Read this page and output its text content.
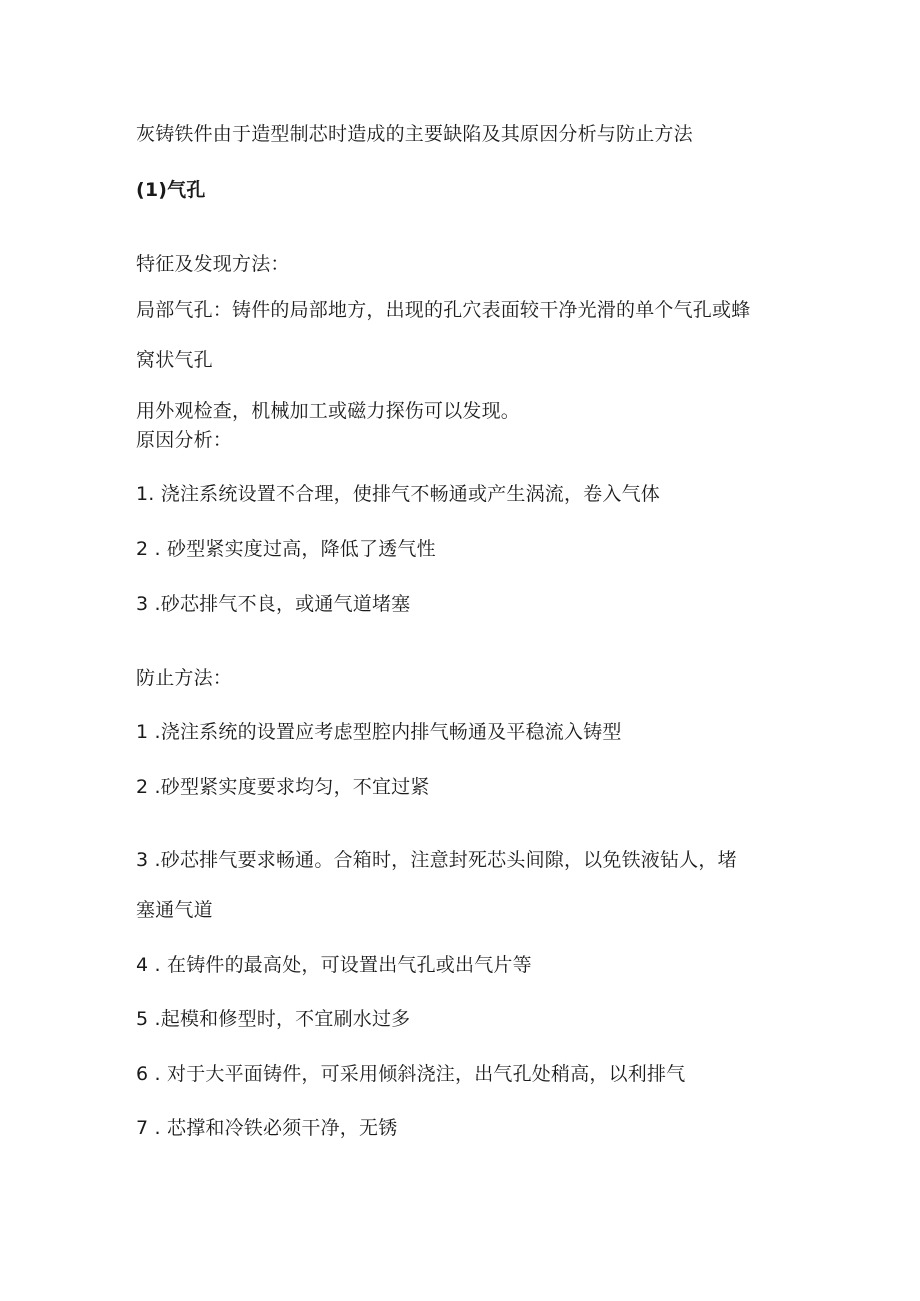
灰铸铁件由于造型制芯时造成的主要缺陷及其原因分析与防止方法
(1)气孔
特征及发现方法：
局部气孔：铸件的局部地方，出现的孔穴表面较干净光滑的单个气孔或蜂
窝状气孔
用外观检查，机械加工或磁力探伤可以发现。
原因分析：
1. 浇注系统设置不合理，使排气不畅通或产生涡流，卷入气体
2 . 砂型紧实度过高，降低了透气性
3 .砂芯排气不良，或通气道堵塞
防止方法：
1 .浇注系统的设置应考虑型腔内排气畅通及平稳流入铸型
2 .砂型紧实度要求均匀，不宜过紧
3 .砂芯排气要求畅通。合箱时，注意封死芯头间隙，以免铁液钻人，堵
塞通气道
4 . 在铸件的最高处，可设置出气孔或出气片等
5 .起模和修型时，不宜刷水过多
6 . 对于大平面铸件，可采用倾斜浇注，出气孔处稍高，以利排气
7 . 芯撑和冷铁必须干净，无锈
